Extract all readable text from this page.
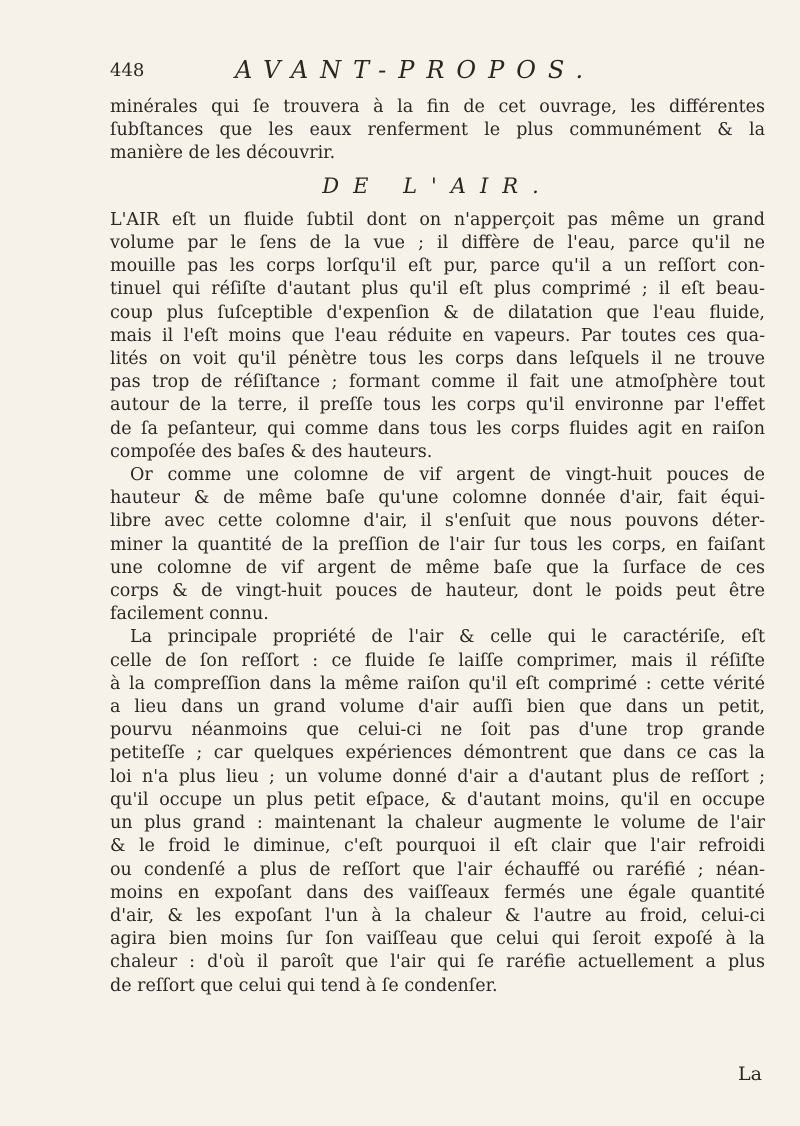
448	AVANT-PROPOS.
minérales qui ſe trouvera à la fin de cet ouvrage, les différentes
ſubſtances que les eaux renferment le plus communément & la
manière de les découvrir.
DE L'AIR.
L'AIR eſt un fluide ſubtil dont on n'apperçoit pas même un grand
volume par le ſens de la vue ; il diffère de l'eau, parce qu'il ne
mouille pas les corps lorſqu'il eſt pur, parce qu'il a un reſſort con-
tinuel qui réſiſte d'autant plus qu'il eſt plus comprimé ; il eſt beau-
coup plus ſuſceptible d'expenſion & de dilatation que l'eau fluide,
mais il l'eſt moins que l'eau réduite en vapeurs. Par toutes ces qua-
lités on voit qu'il pénètre tous les corps dans leſquels il ne trouve
pas trop de réſiſtance ; formant comme il fait une atmoſphère tout
autour de la terre, il preſſe tous les corps qu'il environne par l'effet
de ſa peſanteur, qui comme dans tous les corps fluides agit en raiſon
compoſée des baſes & des hauteurs.
Or comme une colomne de vif argent de vingt-huit pouces de
hauteur & de même baſe qu'une colomne donnée d'air, fait équi-
libre avec cette colomne d'air, il s'enſuit que nous pouvons déter-
miner la quantité de la preſſion de l'air ſur tous les corps, en faiſant
une colomne de vif argent de même baſe que la ſurface de ces
corps & de vingt-huit pouces de hauteur, dont le poids peut être
facilement connu.
La principale propriété de l'air & celle qui le caractériſe, eſt
celle de ſon reſſort : ce fluide ſe laiſſe comprimer, mais il réſiſte
à la compreſſion dans la même raiſon qu'il eſt comprimé : cette vérité
a lieu dans un grand volume d'air auſſi bien que dans un petit,
pourvu néanmoins que celui-ci ne ſoit pas d'une trop grande
petiteſſe ; car quelques expériences démontrent que dans ce cas la
loi n'a plus lieu ; un volume donné d'air a d'autant plus de reſſort ;
qu'il occupe un plus petit eſpace, & d'autant moins, qu'il en occupe
un plus grand : maintenant la chaleur augmente le volume de l'air
& le froid le diminue, c'eſt pourquoi il eſt clair que l'air refroidi
ou condenſé a plus de reſſort que l'air échauffé ou raréfié ; néan-
moins en expoſant dans des vaiſſeaux fermés une égale quantité
d'air, & les expoſant l'un à la chaleur & l'autre au froid, celui-ci
agira bien moins ſur ſon vaiſſeau que celui qui ſeroit expoſé à la
chaleur : d'où il paroît que l'air qui ſe raréfie actuellement a plus
de reſſort que celui qui tend à ſe condenſer.
La
